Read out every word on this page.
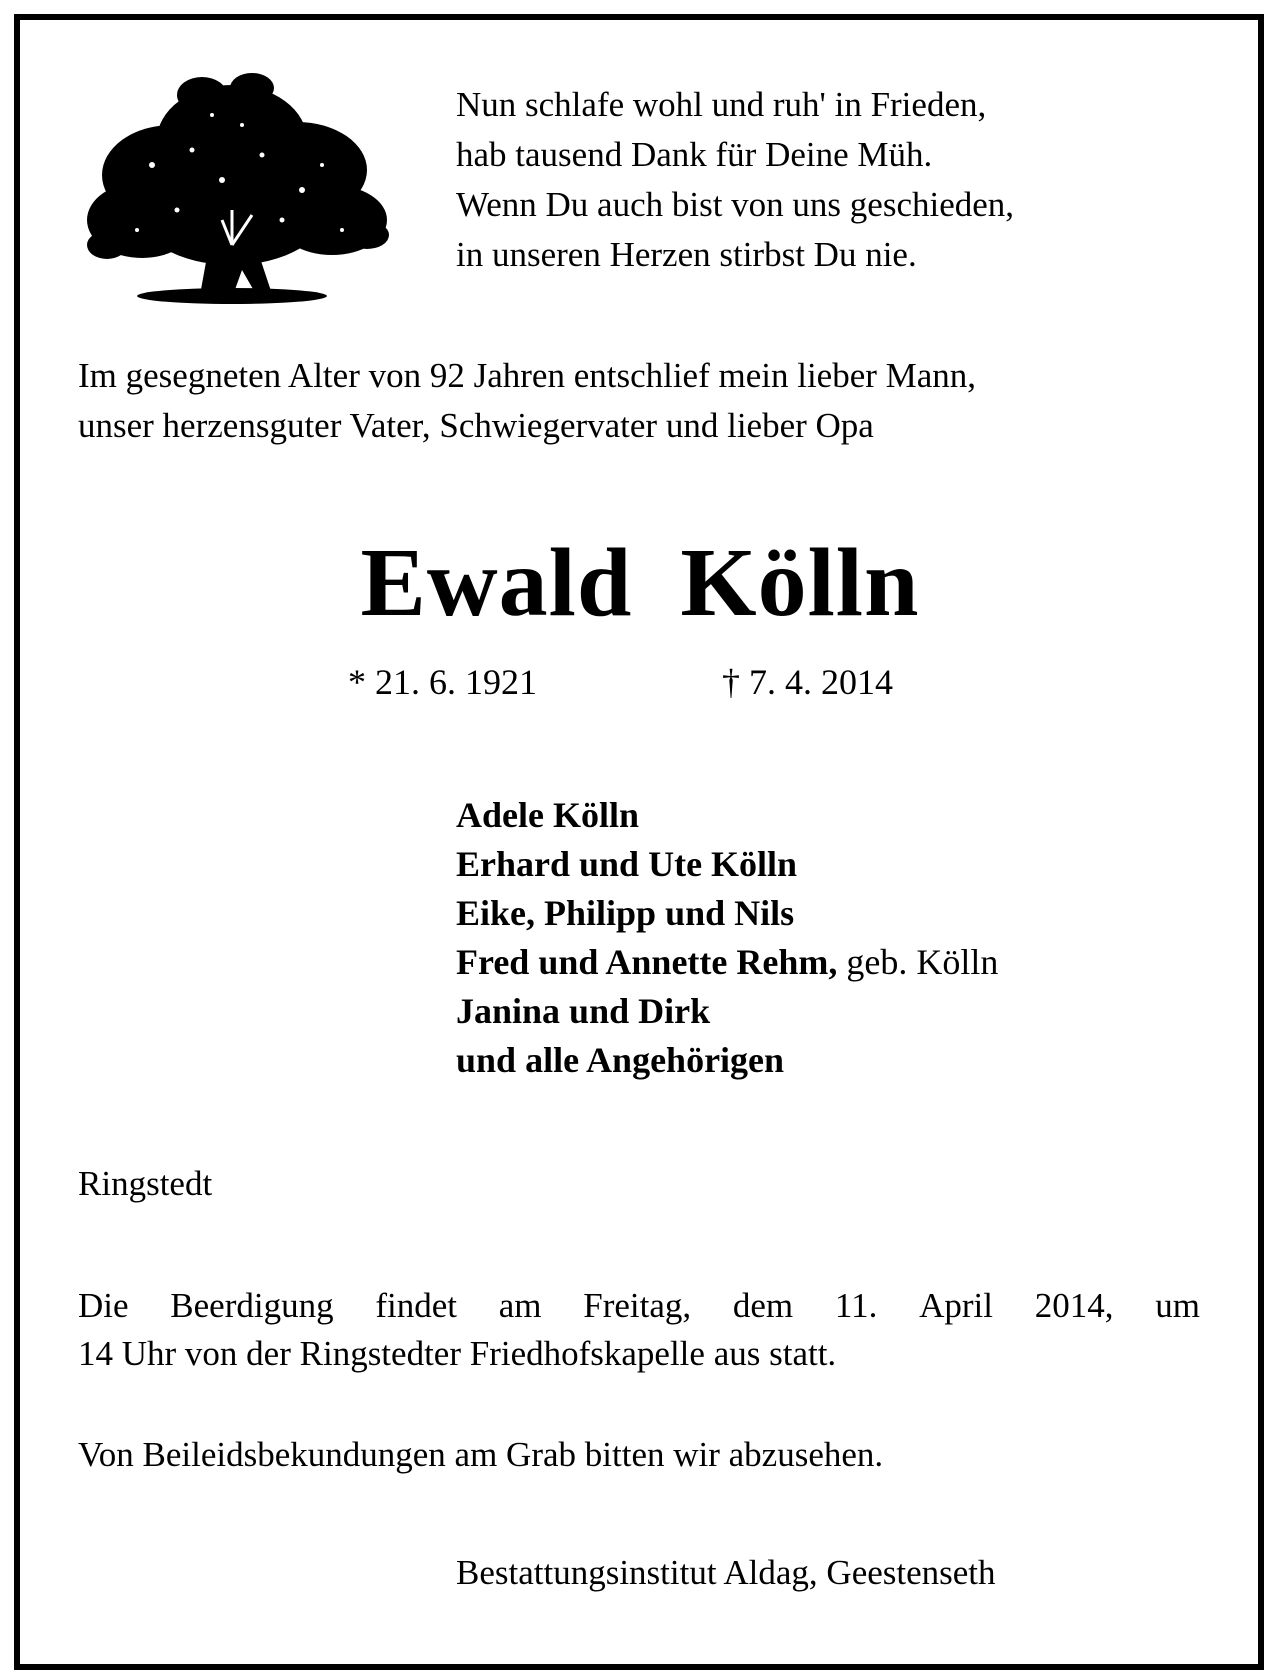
Nun schlafe wohl und ruh' in Frieden,
hab tausend Dank für Deine Müh.
Wenn Du auch bist von uns geschieden,
in unseren Herzen stirbst Du nie.
Im gesegneten Alter von 92 Jahren entschlief mein lieber Mann,
unser herzensguter Vater, Schwiegervater und lieber Opa
Ewald Kölln
* 21. 6. 1921	† 7. 4. 2014
Adele Kölln
Erhard und Ute Kölln
Eike, Philipp und Nils
Fred und Annette Rehm, geb. Kölln
Janina und Dirk
und alle Angehörigen
Ringstedt
Die Beerdigung findet am Freitag, dem 11. April 2014, um
14 Uhr von der Ringstedter Friedhofskapelle aus statt.
Von Beileidsbekundungen am Grab bitten wir abzusehen.
Bestattungsinstitut Aldag, Geestenseth
